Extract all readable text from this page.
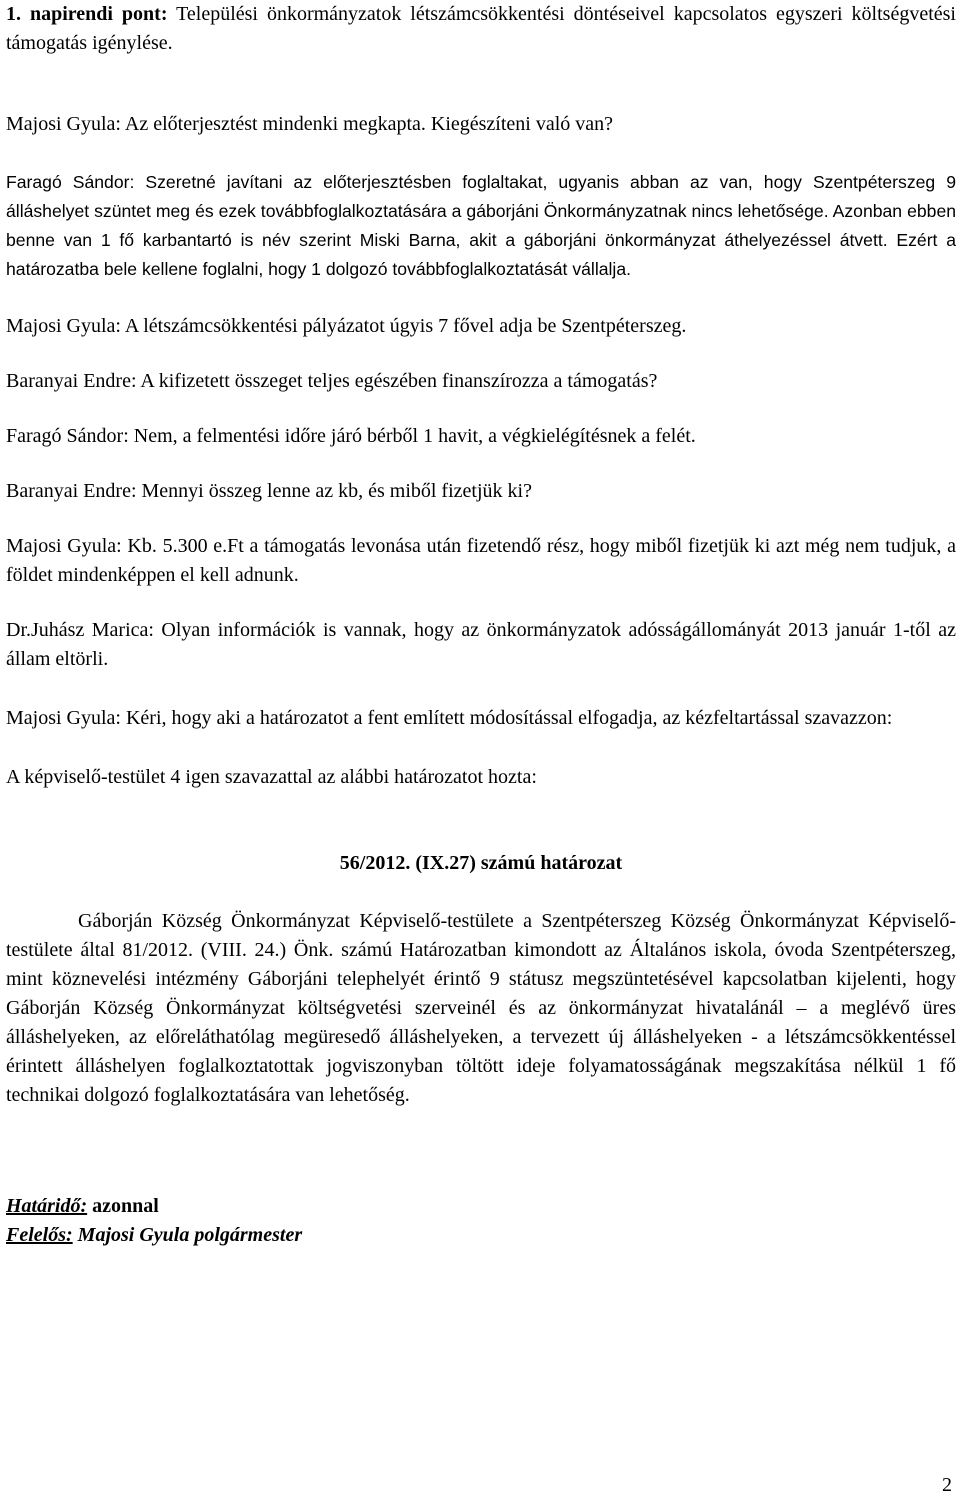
1. napirendi pont: Települési önkormányzatok létszámcsökkentési döntéseivel kapcsolatos egyszeri költségvetési támogatás igénylése.

Majosi Gyula: Az előterjesztést mindenki megkapta. Kiegészíteni való van?

Faragó Sándor: Szeretné javítani az előterjesztésben foglaltakat, ugyanis abban az van, hogy Szentpéterszeg 9 álláshelyet szüntet meg és ezek továbbfoglalkoztatására a gáborjáni Önkormányzatnak nincs lehetősége. Azonban ebben benne van 1 fő karbantartó is név szerint Miski Barna, akit a gáborjáni önkormányzat áthelyezéssel átvett. Ezért a határozatba bele kellene foglalni, hogy 1 dolgozó továbbfoglalkoztatását vállalja.

Majosi Gyula: A létszámcsökkentési pályázatot úgyis 7 fővel adja be Szentpéterszeg.

Baranyai Endre: A kifizetett összeget teljes egészében finanszírozza a támogatás?

Faragó Sándor: Nem, a felmentési időre járó bérből 1 havit, a végkielégítésnek a felét.

Baranyai Endre: Mennyi összeg lenne az kb, és miből fizetjük ki?

Majosi Gyula: Kb. 5.300 e.Ft a támogatás levonása után fizetendő rész, hogy miből fizetjük ki azt még nem tudjuk, a földet mindenképpen el kell adnunk.

Dr.Juhász Marica: Olyan információk is vannak, hogy az önkormányzatok adósságállományát 2013 január 1-től az állam eltörli.

Majosi Gyula: Kéri, hogy aki a határozatot a fent említett módosítással elfogadja, az kézfeltartással szavazzon:

A képviselő-testület 4 igen szavazattal az alábbi határozatot hozta:

56/2012. (IX.27) számú határozat

Gáborján Község Önkormányzat Képviselő-testülete a Szentpéterszeg Község Önkormányzat Képviselő-testülete által 81/2012. (VIII. 24.) Önk. számú Határozatban kimondott az Általános iskola, óvoda Szentpéterszeg, mint köznevelési intézmény Gáborjáni telephelyét érintő 9 státusz megszüntetésével kapcsolatban kijelenti, hogy Gáborján Község Önkormányzat költségvetési szerveinél és az önkormányzat hivatalánál – a meglévő üres álláshelyeken, az előreláthatólag megüresedő álláshelyeken, a tervezett új álláshelyeken - a létszámcsökkentéssel érintett álláshelyen foglalkoztatottak jogviszonyban töltött ideje folyamatosságának megszakítása nélkül 1 fő technikai dolgozó foglalkoztatására van lehetőség.

Határidő: azonnal

Felelős: Majosi Gyula polgármester

2
